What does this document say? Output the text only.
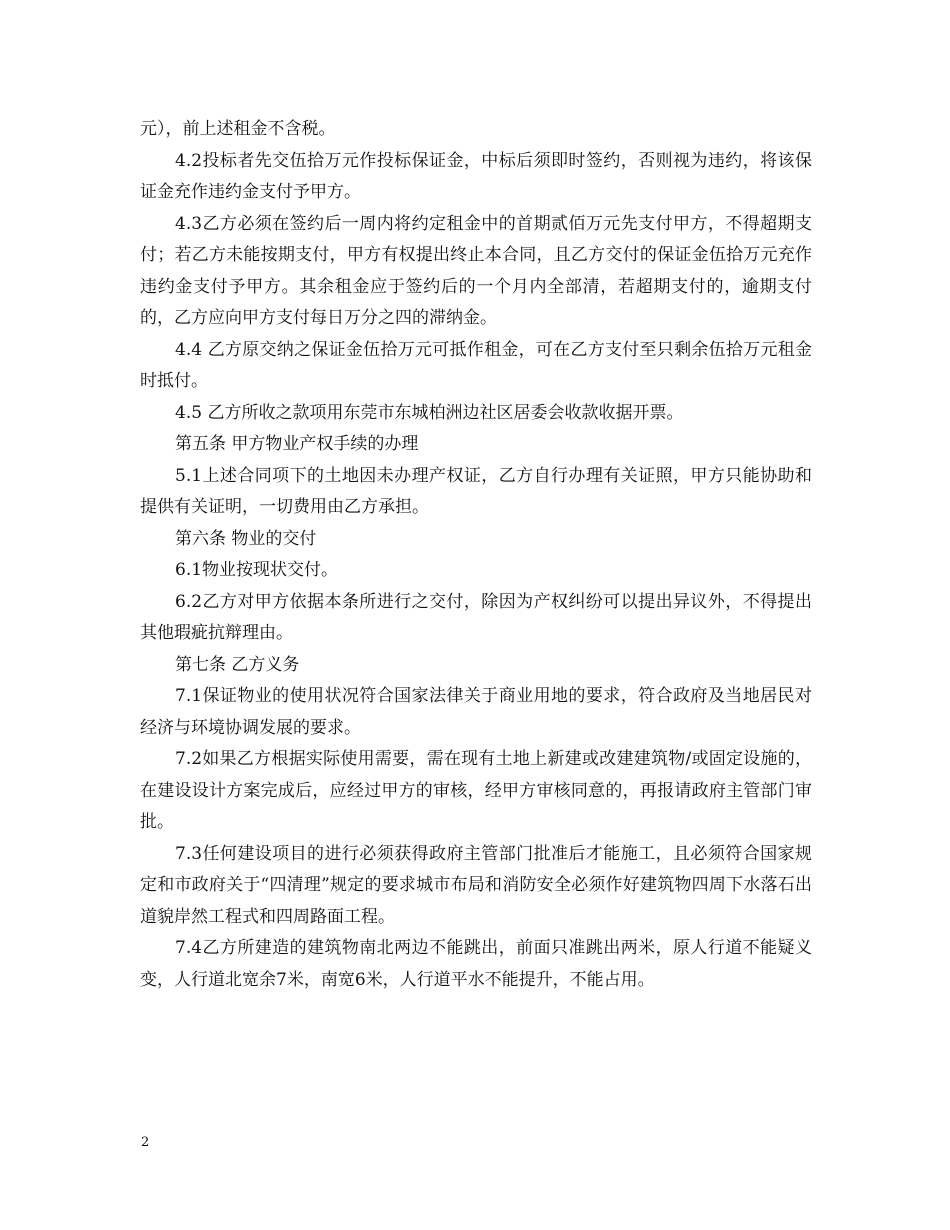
元），前上述租金不含税。

4.2投标者先交伍拾万元作投标保证金，中标后须即时签约，否则视为违约，将该保证金充作违约金支付予甲方。

4.3乙方必须在签约后一周内将约定租金中的首期贰佰万元先支付甲方，不得超期支付；若乙方未能按期支付，甲方有权提出终止本合同，且乙方交付的保证金伍拾万元充作违约金支付予甲方。其余租金应于签约后的一个月内全部清，若超期支付的，逾期支付的，乙方应向甲方支付每日万分之四的滞纳金。

4.4 乙方原交纳之保证金伍拾万元可抵作租金，可在乙方支付至只剩余伍拾万元租金时抵付。

4.5 乙方所收之款项用东莞市东城柏洲边社区居委会收款收据开票。

第五条 甲方物业产权手续的办理

5.1上述合同项下的土地因未办理产权证，乙方自行办理有关证照，甲方只能协助和提供有关证明，一切费用由乙方承担。

第六条 物业的交付

6.1物业按现状交付。

6.2乙方对甲方依据本条所进行之交付，除因为产权纠纷可以提出异议外，不得提出其他瑕疵抗辩理由。

第七条 乙方义务

7.1保证物业的使用状况符合国家法律关于商业用地的要求，符合政府及当地居民对经济与环境协调发展的要求。

7.2如果乙方根据实际使用需要，需在现有土地上新建或改建建筑物/或固定设施的，在建设设计方案完成后，应经过甲方的审核，经甲方审核同意的，再报请政府主管部门审批。

7.3任何建设项目的进行必须获得政府主管部门批准后才能施工，且必须符合国家规定和市政府关于“四清理”规定的要求城市布局和消防安全必须作好建筑物四周下水落石出道貌岸然工程式和四周路面工程。

7.4乙方所建造的建筑物南北两边不能跳出，前面只准跳出两米，原人行道不能疑义变，人行道北宽余7米，南宽6米，人行道平水不能提升，不能占用。

2
